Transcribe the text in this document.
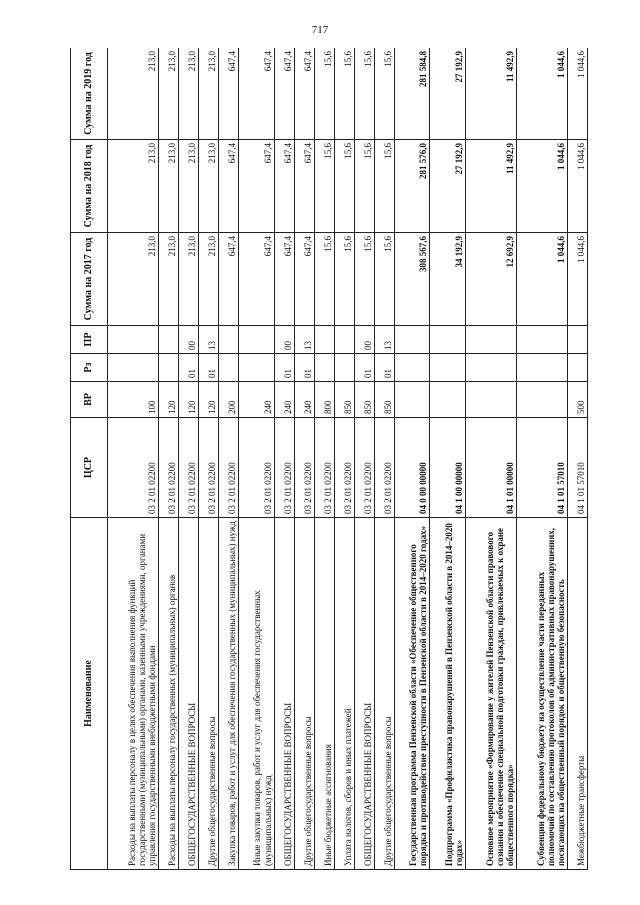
717
Наименование	ЦСР	ВР	Рз	ПР	Сумма на 2017 год	Сумма на 2018 год	Сумма на 2019 год
Расходы на выплаты персоналу в целях обеспечения выполнения функций государственными (муниципальными) органами, казенными учреждениями, органами управления государственными внебюджетными фондами	03 2 01 02200	100			213,0	213,0	213,0
Расходы на выплаты персоналу государственных (муниципальных) органов	03 2 01 02200	120			213,0	213,0	213,0
ОБЩЕГОСУДАРСТВЕННЫЕ ВОПРОСЫ	03 2 01 02200	120	01	00	213,0	213,0	213,0
Другие общегосударственные вопросы	03 2 01 02200	120	01	13	213,0	213,0	213,0
Закупка товаров, работ и услуг для обеспечения государственных (муниципальных) нужд	03 2 01 02200	200			647,4	647,4	647,4
Иные закупки товаров, работ и услуг для обеспечения государственных (муниципальных) нужд	03 2 01 02200	240			647,4	647,4	647,4
ОБЩЕГОСУДАРСТВЕННЫЕ ВОПРОСЫ	03 2 01 02200	240	01	00	647,4	647,4	647,4
Другие общегосударственные вопросы	03 2 01 02200	240	01	13	647,4	647,4	647,4
Иные бюджетные ассигнования	03 2 01 02200	800			15,6	15,6	15,6
Уплата налогов, сборов и иных платежей	03 2 01 02200	850			15,6	15,6	15,6
ОБЩЕГОСУДАРСТВЕННЫЕ ВОПРОСЫ	03 2 01 02200	850	01	00	15,6	15,6	15,6
Другие общегосударственные вопросы	03 2 01 02200	850	01	13	15,6	15,6	15,6
Государственная программа Пензенской области «Обеспечение общественного порядка и противодействие преступности в Пензенской области в 2014–2020 годах»	04 0 00 00000				308 567,6	281 576,0	281 584,8
Подпрограмма «Профилактика правонарушений в Пензенской области в 2014–2020 годах»	04 1 00 00000				34 192,9	27 192,9	27 192,9
Основное мероприятие «Формирование у жителей Пензенской области правового сознания и обеспечение специальной подготовки граждан, привлекаемых к охране общественного порядка»	04 1 01 00000				12 692,9	11 492,9	11 492,9
Субвенции федеральному бюджету на осуществление части переданных полномочий по составлению протоколов об административных правонарушениях, посягающих на общественный порядок и общественную безопасность	04 1 01 57010				1 044,6	1 044,6	1 044,6
Межбюджетные трансферты	04 1 01 57010	500			1 044,6	1 044,6	1 044,6
